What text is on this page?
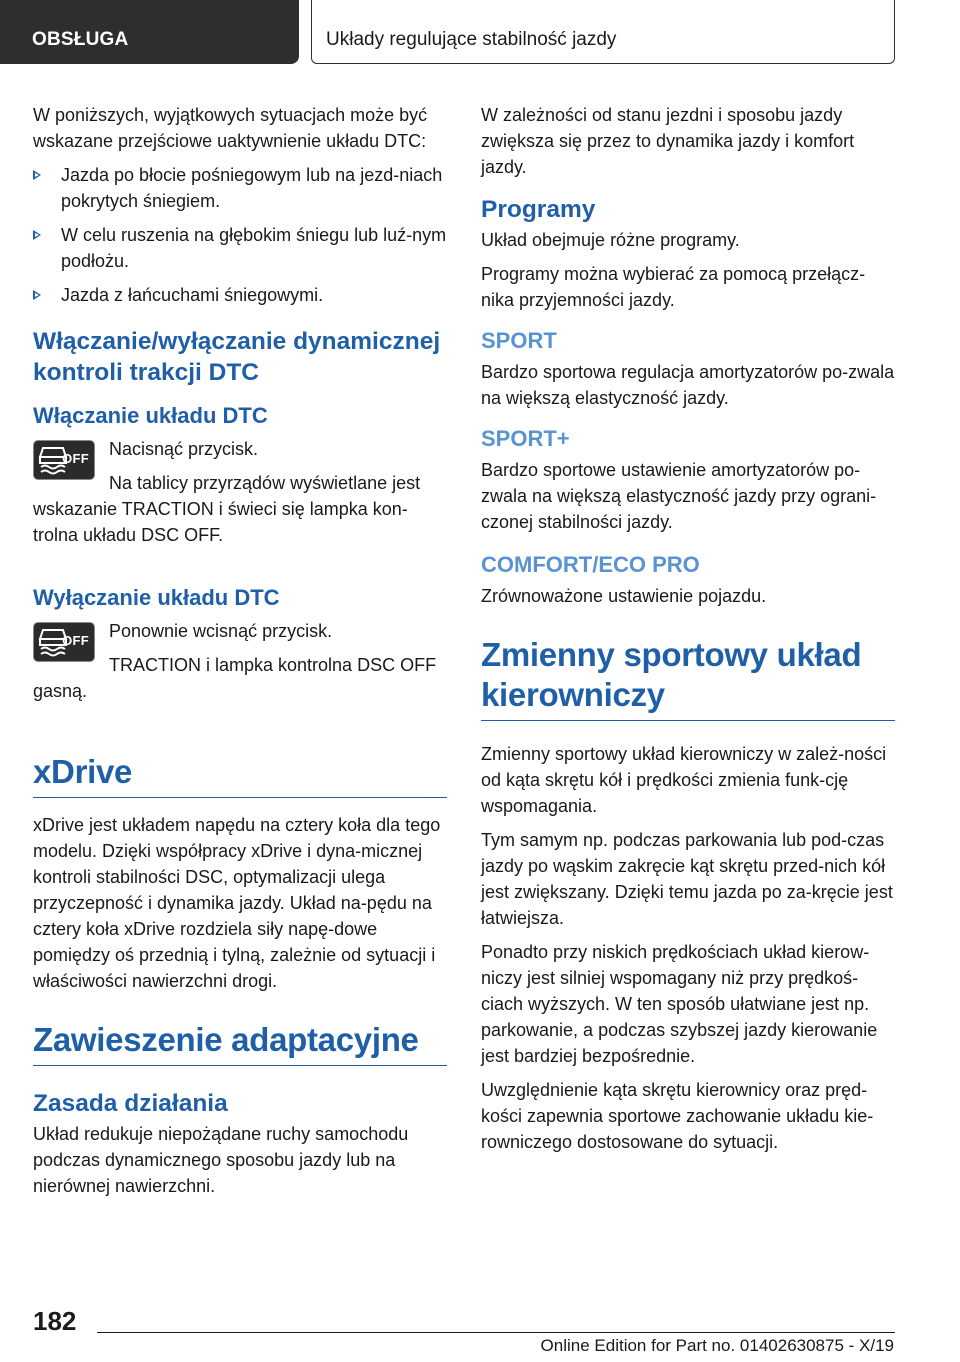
OBSŁUGA	Układy regulujące stabilność jazdy

W poniższych, wyjątkowych sytuacjach może być wskazane przejściowe uaktywnienie układu DTC:

Jazda po błocie pośniegowym lub na jezd-niach pokrytych śniegiem.
W celu ruszenia na głębokim śniegu lub luź-nym podłożu.
Jazda z łańcuchami śniegowymi.
Włączanie/wyłączanie dynamicznej kontroli trakcji DTC
Włączanie układu DTC
OFF	Nacisnąć przycisk.

Na tablicy przyrządów wyświetlane jest wskazanie TRACTION i świeci się lampka kon-trolna układu DSC OFF.

Wyłączanie układu DTC
OFF	Ponownie wcisnąć przycisk.

TRACTION i lampka kontrolna DSC OFF gasną.

xDrive

xDrive jest układem napędu na cztery koła dla tego modelu. Dzięki współpracy xDrive i dyna-micznej kontroli stabilności DSC, optymalizacji ulega przyczepność i dynamika jazdy. Układ na-pędu na cztery koła xDrive rozdziela siły napę-dowe pomiędzy oś przednią i tylną, zależnie od sytuacji i właściwości nawierzchni drogi.

Zawieszenie adaptacyjne
Zasada działania

Układ redukuje niepożądane ruchy samochodu podczas dynamicznego sposobu jazdy lub na nierównej nawierzchni.

W zależności od stanu jezdni i sposobu jazdy zwiększa się przez to dynamika jazdy i komfort jazdy.

Programy

Układ obejmuje różne programy.

Programy można wybierać za pomocą przełącz-nika przyjemności jazdy.

SPORT

Bardzo sportowa regulacja amortyzatorów po-zwala na większą elastyczność jazdy.

SPORT+

Bardzo sportowe ustawienie amortyzatorów po-zwala na większą elastyczność jazdy przy ograni-czonej stabilności jazdy.

COMFORT/ECO PRO

Zrównoważone ustawienie pojazdu.

Zmienny sportowy układ kierowniczy

Zmienny sportowy układ kierowniczy w zależ-ności od kąta skrętu kół i prędkości zmienia funk-cję wspomagania.

Tym samym np. podczas parkowania lub pod-czas jazdy po wąskim zakręcie kąt skrętu przed-nich kół jest zwiększany. Dzięki temu jazda po za-kręcie jest łatwiejsza.

Ponadto przy niskich prędkościach układ kierow-niczy jest silniej wspomagany niż przy prędkoś-ciach wyższych. W ten sposób ułatwiane jest np. parkowanie, a podczas szybszej jazdy kierowanie jest bardziej bezpośrednie.

Uwzględnienie kąta skrętu kierownicy oraz pręd-kości zapewnia sportowe zachowanie układu kie-rowniczego dostosowane do sytuacji.

182
Online Edition for Part no. 01402630875 - X/19
